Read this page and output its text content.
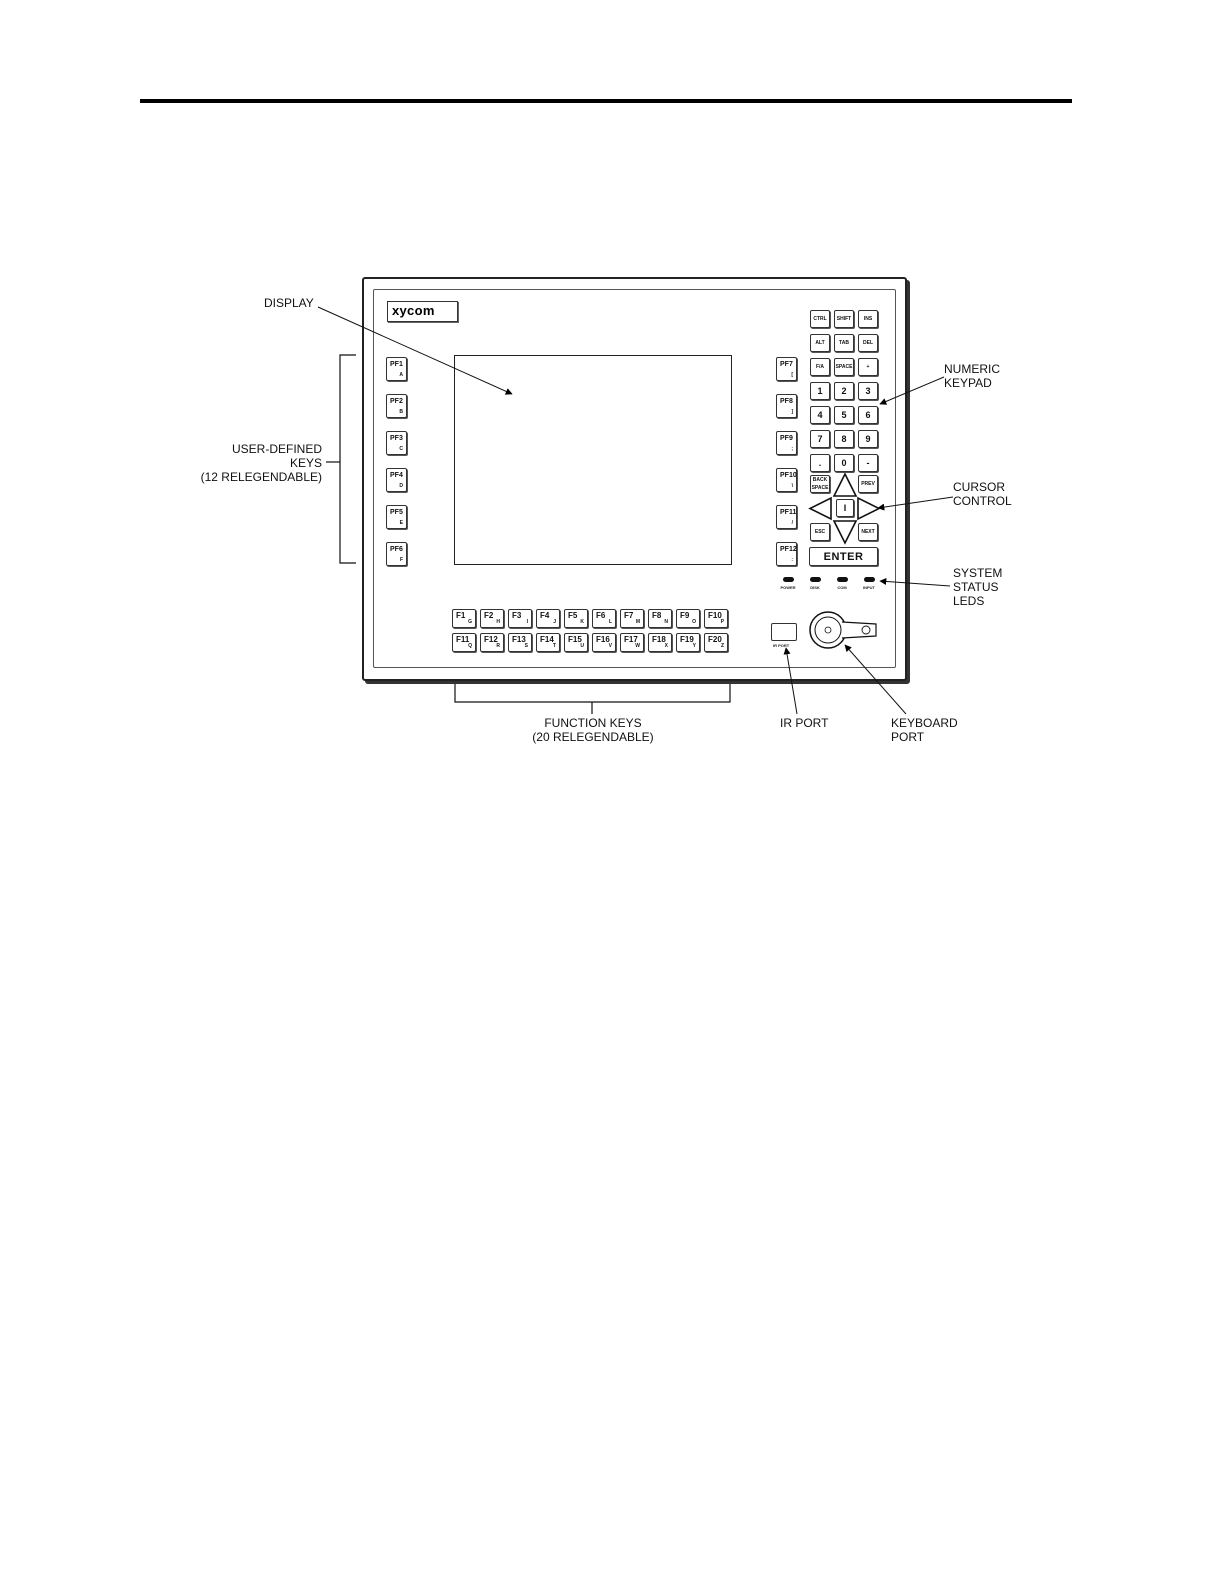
DISPLAY
USER-DEFINED
KEYS
(12 RELEGENDABLE)
NUMERIC
KEYPAD
CURSOR
CONTROL
SYSTEM
STATUS
LEDS
FUNCTION KEYS
(20 RELEGENDABLE)
IR PORT	KEYBOARD
PORT
xycom
PF1
A
PF2
B
PF3
C
PF4
D
PF5
E
PF6
F
PF7
[
PF8
]
PF9
;
PF10
\
PF11
/
PF12
:
F1
G
F2
H
F3
I
F4
J
F5
K
F6
L
F7
M
F8
N
F9
O
F10
P
F11
Q
F12
R
F13
S
F14
T
F15
U
F16
V
F17
W
F18
X
F19
Y
F20
Z
CTRL	SHIFT	INS
ALT	TAB	DEL
F/A	SPACE	+
1	2	3
4	5	6
7	8	9
.	0	-
BACK SPACE
PREV
ESC	NEXT
I
ENTER
POWER	DISK	COM	INPUT
IR PORT
